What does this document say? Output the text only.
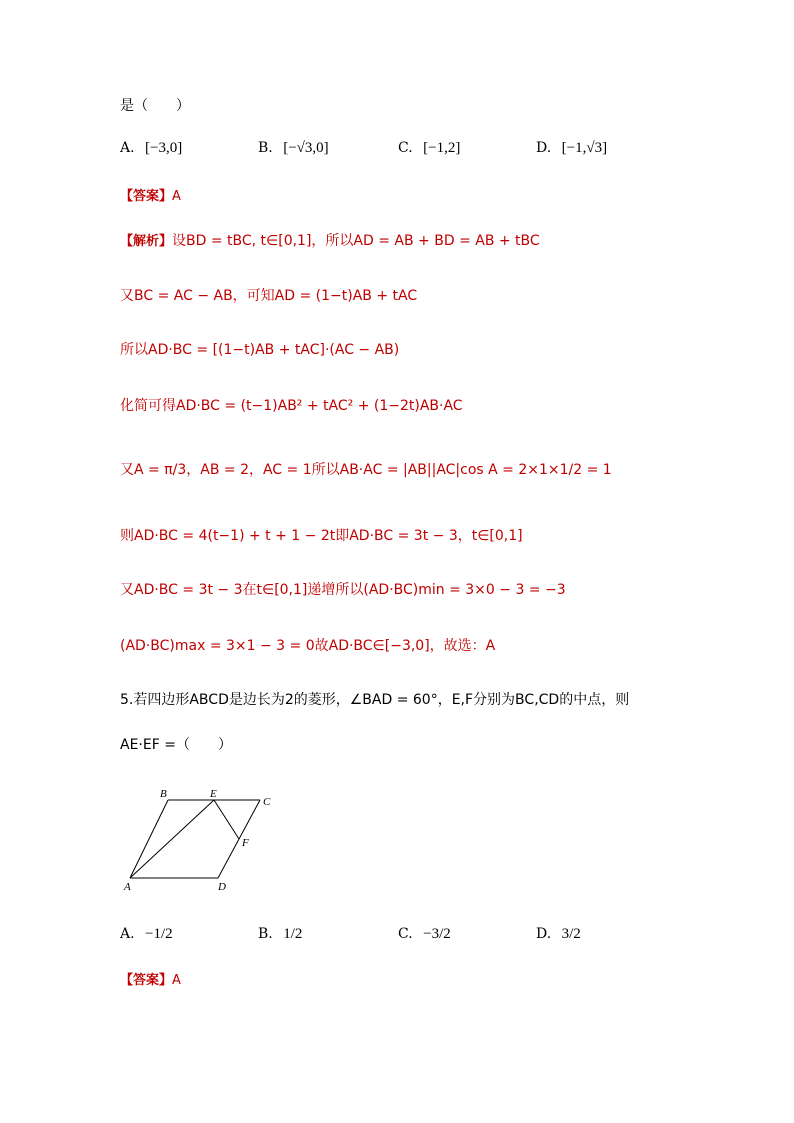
是（　　）
A. [−3,0]	B. [−√3,0]	C. [−1,2]	D. [−1,√3]
【答案】A
【解析】设BD = tBC, t∈[0,1]，所以AD = AB + BD = AB + tBC
又BC = AC − AB，可知AD = (1−t)AB + tAC
所以AD·BC = [(1−t)AB + tAC]·(AC − AB)
化简可得AD·BC = (t−1)AB² + tAC² + (1−2t)AB·AC
又A = π/3，AB = 2，AC = 1所以AB·AC = |AB||AC|cos A = 2×1×1/2 = 1
则AD·BC = 4(t−1) + t + 1 − 2t即AD·BC = 3t − 3，t∈[0,1]
又AD·BC = 3t − 3在t∈[0,1]递增所以(AD·BC)min = 3×0 − 3 = −3
(AD·BC)max = 3×1 − 3 = 0故AD·BC∈[−3,0]，故选：A
5.若四边形ABCD是边长为2的菱形，∠BAD = 60°，E,F分别为BC,CD的中点，则
AE·EF =（　　）
A
B	E
C
F
D
A. −1/2	B. 1/2	C. −3/2	D. 3/2
【答案】A
